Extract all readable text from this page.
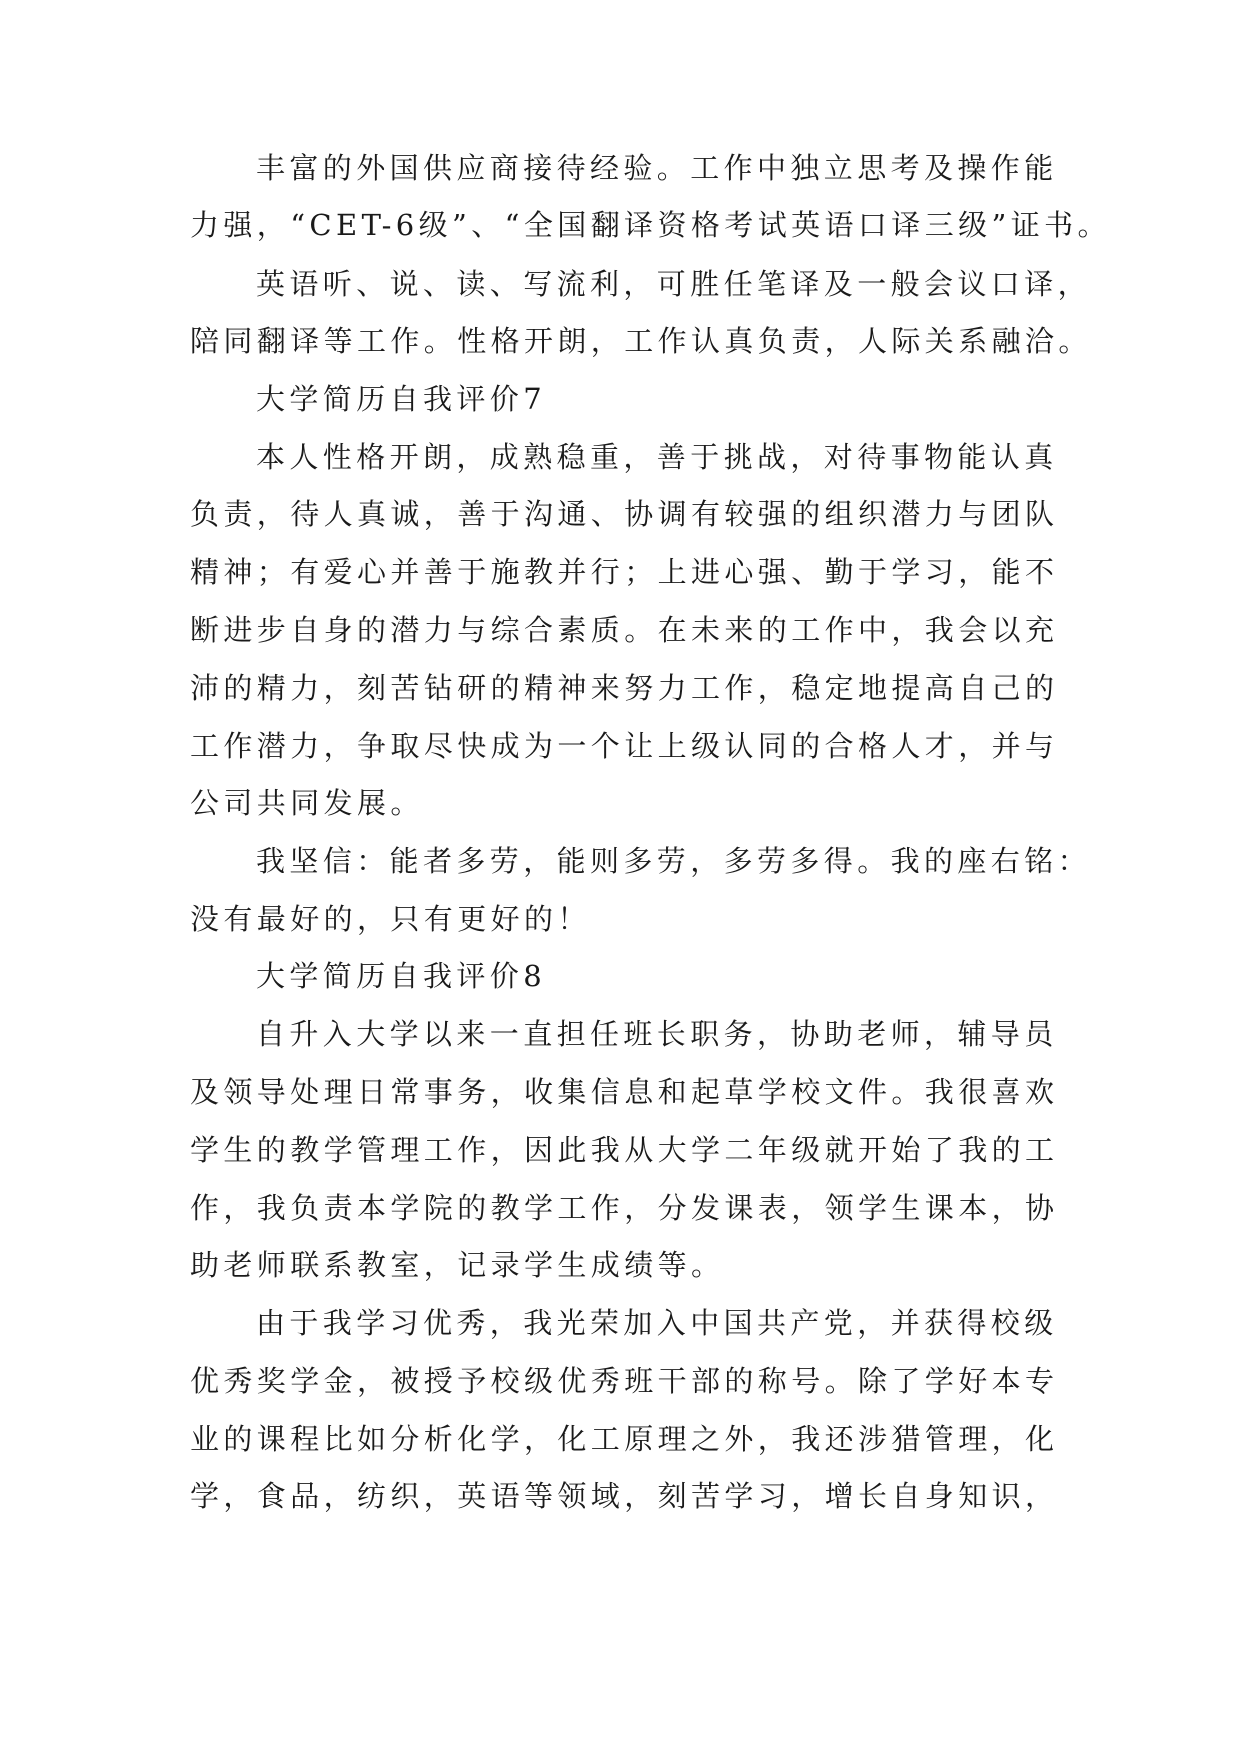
丰富的外国供应商接待经验。工作中独立思考及操作能
力强，“CET-6级”、“全国翻译资格考试英语口译三级”证书。
英语听、说、读、写流利，可胜任笔译及一般会议口译，
陪同翻译等工作。性格开朗，工作认真负责，人际关系融洽。
大学简历自我评价7
本人性格开朗，成熟稳重，善于挑战，对待事物能认真
负责，待人真诚，善于沟通、协调有较强的组织潜力与团队
精神；有爱心并善于施教并行；上进心强、勤于学习，能不
断进步自身的潜力与综合素质。在未来的工作中，我会以充
沛的精力，刻苦钻研的精神来努力工作，稳定地提高自己的
工作潜力，争取尽快成为一个让上级认同的合格人才，并与
公司共同发展。
我坚信：能者多劳，能则多劳，多劳多得。我的座右铭：
没有最好的，只有更好的！
大学简历自我评价8
自升入大学以来一直担任班长职务，协助老师，辅导员
及领导处理日常事务，收集信息和起草学校文件。我很喜欢
学生的教学管理工作，因此我从大学二年级就开始了我的工
作，我负责本学院的教学工作，分发课表，领学生课本，协
助老师联系教室，记录学生成绩等。
由于我学习优秀，我光荣加入中国共产党，并获得校级
优秀奖学金，被授予校级优秀班干部的称号。除了学好本专
业的课程比如分析化学，化工原理之外，我还涉猎管理，化
学，食品，纺织，英语等领域，刻苦学习，增长自身知识，
